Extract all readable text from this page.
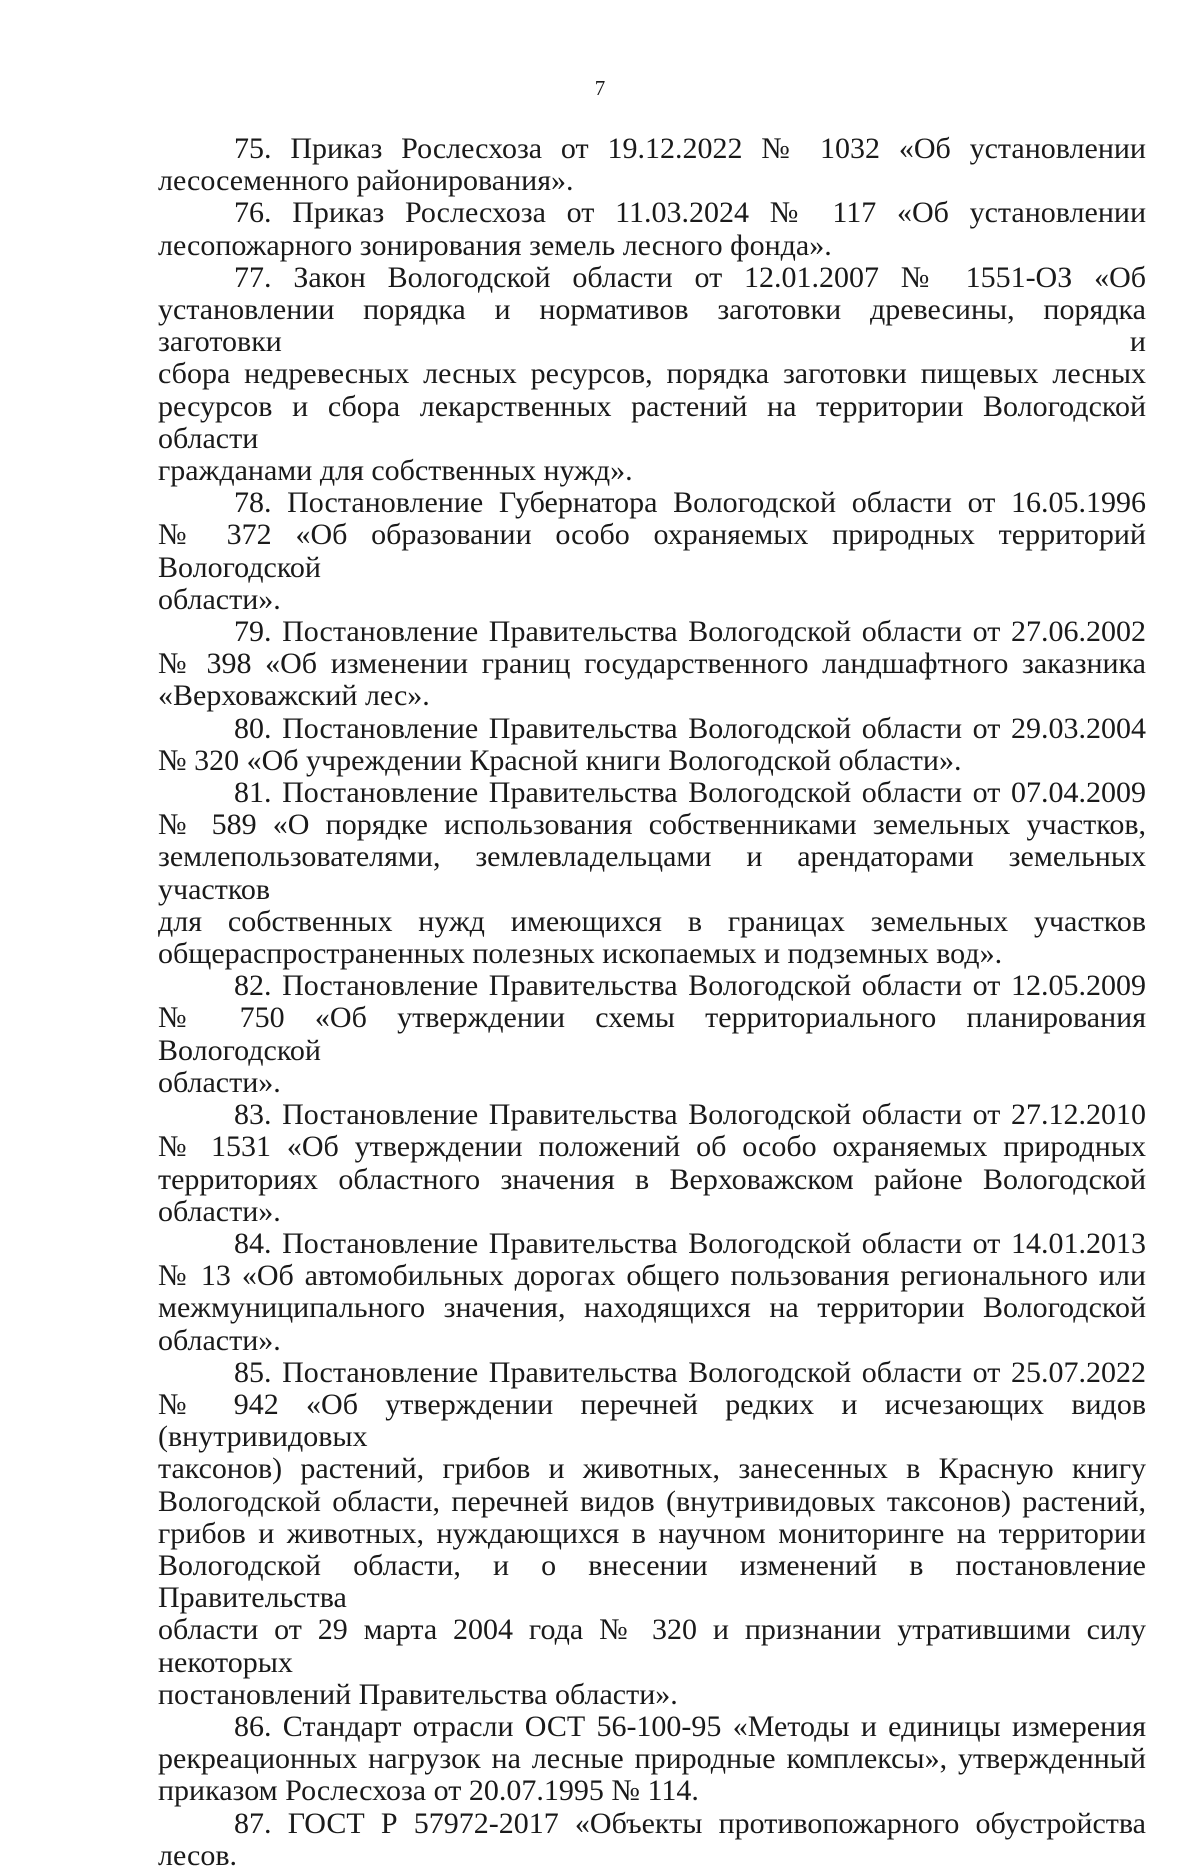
7
75. Приказ Рослесхоза от 19.12.2022 № 1032 «Об установлении
лесосеменного районирования».
76. Приказ Рослесхоза от 11.03.2024 № 117 «Об установлении
лесопожарного зонирования земель лесного фонда».
77. Закон Вологодской области от 12.01.2007 № 1551-ОЗ «Об
установлении порядка и нормативов заготовки древесины, порядка заготовки и
сбора недревесных лесных ресурсов, порядка заготовки пищевых лесных
ресурсов и сбора лекарственных растений на территории Вологодской области
гражданами для собственных нужд».
78. Постановление Губернатора Вологодской области от 16.05.1996
№ 372 «Об образовании особо охраняемых природных территорий Вологодской
области».
79. Постановление Правительства Вологодской области от 27.06.2002
№ 398 «Об изменении границ государственного ландшафтного заказника
«Верховажский лес».
80. Постановление Правительства Вологодской области от 29.03.2004
№ 320 «Об учреждении Красной книги Вологодской области».
81. Постановление Правительства Вологодской области от 07.04.2009
№ 589 «О порядке использования собственниками земельных участков,
землепользователями, землевладельцами и арендаторами земельных участков
для собственных нужд имеющихся в границах земельных участков
общераспространенных полезных ископаемых и подземных вод».
82. Постановление Правительства Вологодской области от 12.05.2009
№ 750 «Об утверждении схемы территориального планирования Вологодской
области».
83. Постановление Правительства Вологодской области от 27.12.2010
№ 1531 «Об утверждении положений об особо охраняемых природных
территориях областного значения в Верховажском районе Вологодской
области».
84. Постановление Правительства Вологодской области от 14.01.2013
№ 13 «Об автомобильных дорогах общего пользования регионального или
межмуниципального значения, находящихся на территории Вологодской
области».
85. Постановление Правительства Вологодской области от 25.07.2022
№ 942 «Об утверждении перечней редких и исчезающих видов (внутривидовых
таксонов) растений, грибов и животных, занесенных в Красную книгу
Вологодской области, перечней видов (внутривидовых таксонов) растений,
грибов и животных, нуждающихся в научном мониторинге на территории
Вологодской области, и о внесении изменений в постановление Правительства
области от 29 марта 2004 года № 320 и признании утратившими силу некоторых
постановлений Правительства области».
86. Стандарт отрасли ОСТ 56-100-95 «Методы и единицы измерения
рекреационных нагрузок на лесные природные комплексы», утвержденный
приказом Рослесхоза от 20.07.1995 № 114.
87. ГОСТ Р 57972-2017 «Объекты противопожарного обустройства лесов.
